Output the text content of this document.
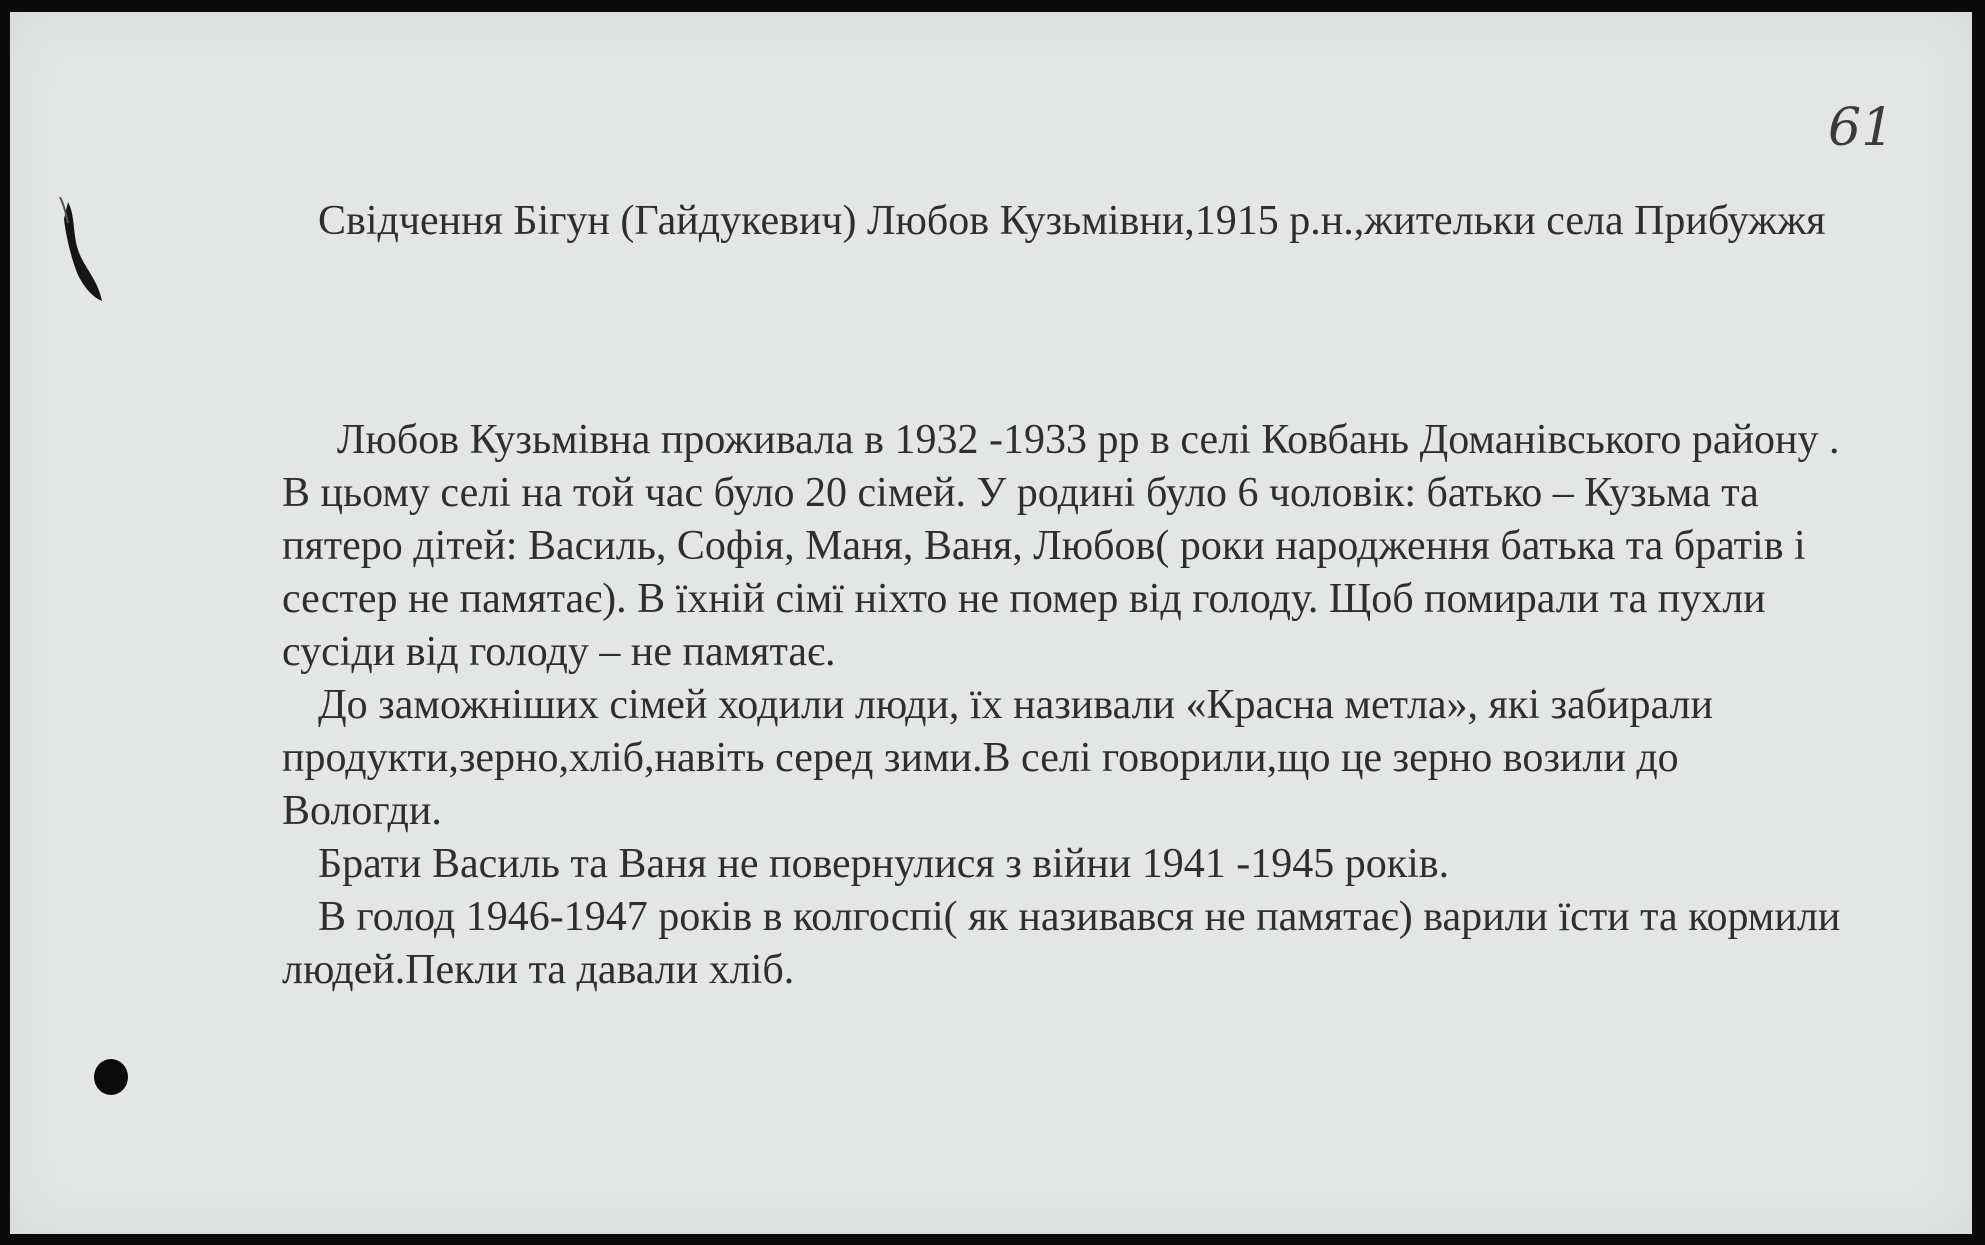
61
Свідчення Бігун (Гайдукевич) Любов Кузьмівни,1915 р.н.,жительки села Прибужжя

Любов Кузьмівна проживала в 1932 -1933 рр в селі Ковбань Доманівського району . В цьому селі на той час було 20 сімей. У родині було 6 чоловік: батько – Кузьма та пятеро дітей: Василь, Софія, Маня, Ваня, Любов( роки народження батька та братів і сестер не памятає). В їхній сімї ніхто не помер від голоду. Щоб помирали та пухли сусіди від голоду – не памятає.

До заможніших сімей ходили люди, їх називали «Красна метла», які забирали продукти,зерно,хліб,навіть серед зими.В селі говорили,що це зерно возили до Вологди.

Брати Василь та Ваня не повернулися з війни 1941 -1945 років.

В голод 1946-1947 років в колгоспі( як називався не памятає) варили їсти та кормили людей.Пекли та давали хліб.
